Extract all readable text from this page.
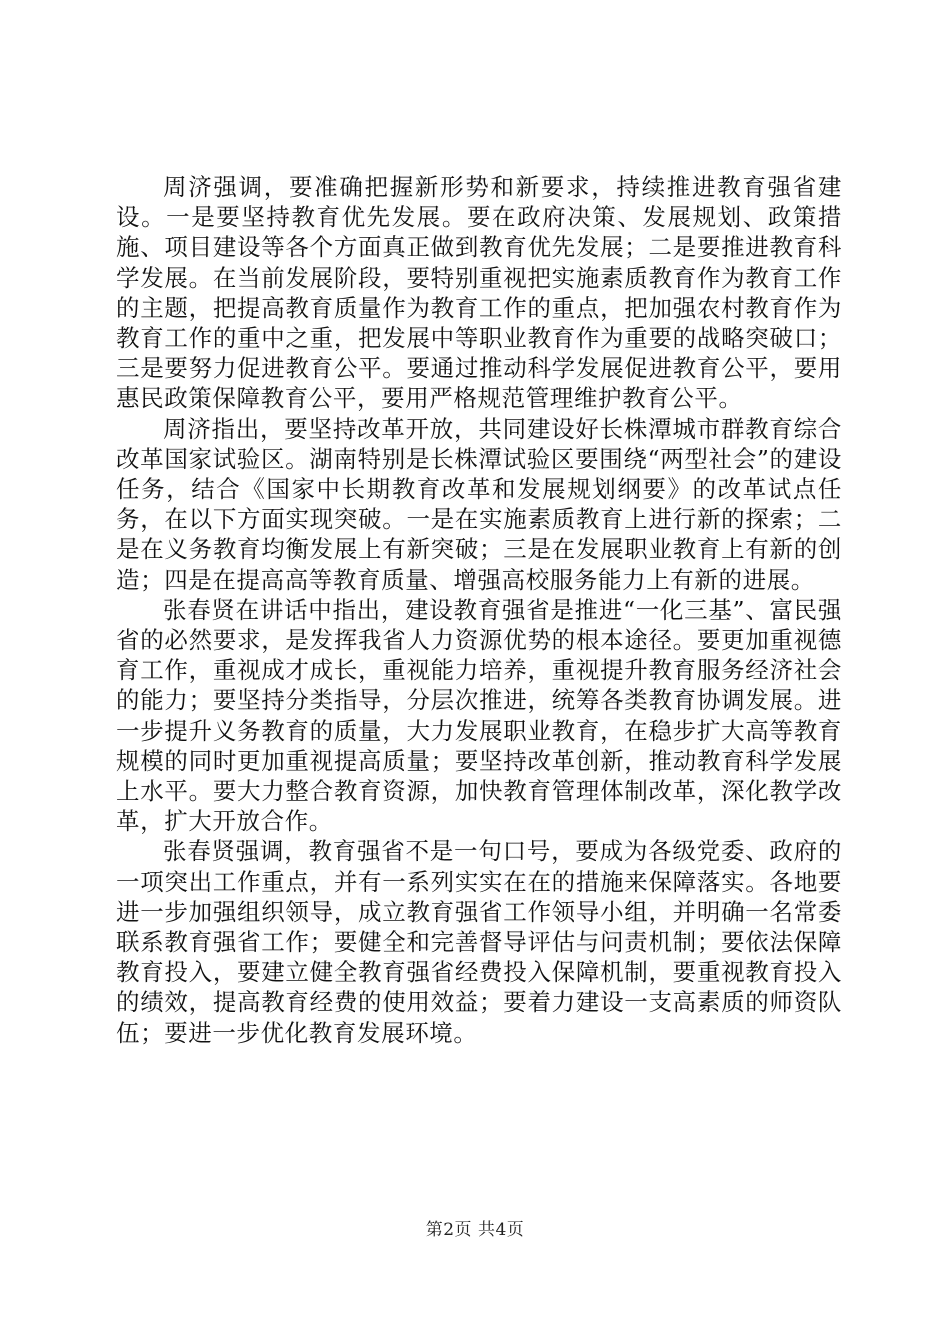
周济强调，要准确把握新形势和新要求，持续推进教育强省建设。一是要坚持教育优先发展。要在政府决策、发展规划、政策措施、项目建设等各个方面真正做到教育优先发展；二是要推进教育科学发展。在当前发展阶段，要特别重视把实施素质教育作为教育工作的主题，把提高教育质量作为教育工作的重点，把加强农村教育作为教育工作的重中之重，把发展中等职业教育作为重要的战略突破口；三是要努力促进教育公平。要通过推动科学发展促进教育公平，要用惠民政策保障教育公平，要用严格规范管理维护教育公平。

周济指出，要坚持改革开放，共同建设好长株潭城市群教育综合改革国家试验区。湖南特别是长株潭试验区要围绕“两型社会”的建设任务，结合《国家中长期教育改革和发展规划纲要》的改革试点任务，在以下方面实现突破。一是在实施素质教育上进行新的探索；二是在义务教育均衡发展上有新突破；三是在发展职业教育上有新的创造；四是在提高高等教育质量、增强高校服务能力上有新的进展。

张春贤在讲话中指出，建设教育强省是推进“一化三基”、富民强省的必然要求，是发挥我省人力资源优势的根本途径。要更加重视德育工作，重视成才成长，重视能力培养，重视提升教育服务经济社会的能力；要坚持分类指导，分层次推进，统筹各类教育协调发展。进一步提升义务教育的质量，大力发展职业教育，在稳步扩大高等教育规模的同时更加重视提高质量；要坚持改革创新，推动教育科学发展上水平。要大力整合教育资源，加快教育管理体制改革，深化教学改革，扩大开放合作。

张春贤强调，教育强省不是一句口号，要成为各级党委、政府的一项突出工作重点，并有一系列实实在在的措施来保障落实。各地要进一步加强组织领导，成立教育强省工作领导小组，并明确一名常委联系教育强省工作；要健全和完善督导评估与问责机制；要依法保障教育投入，要建立健全教育强省经费投入保障机制，要重视教育投入的绩效，提高教育经费的使用效益；要着力建设一支高素质的师资队伍；要进一步优化教育发展环境。

第2页 共4页
